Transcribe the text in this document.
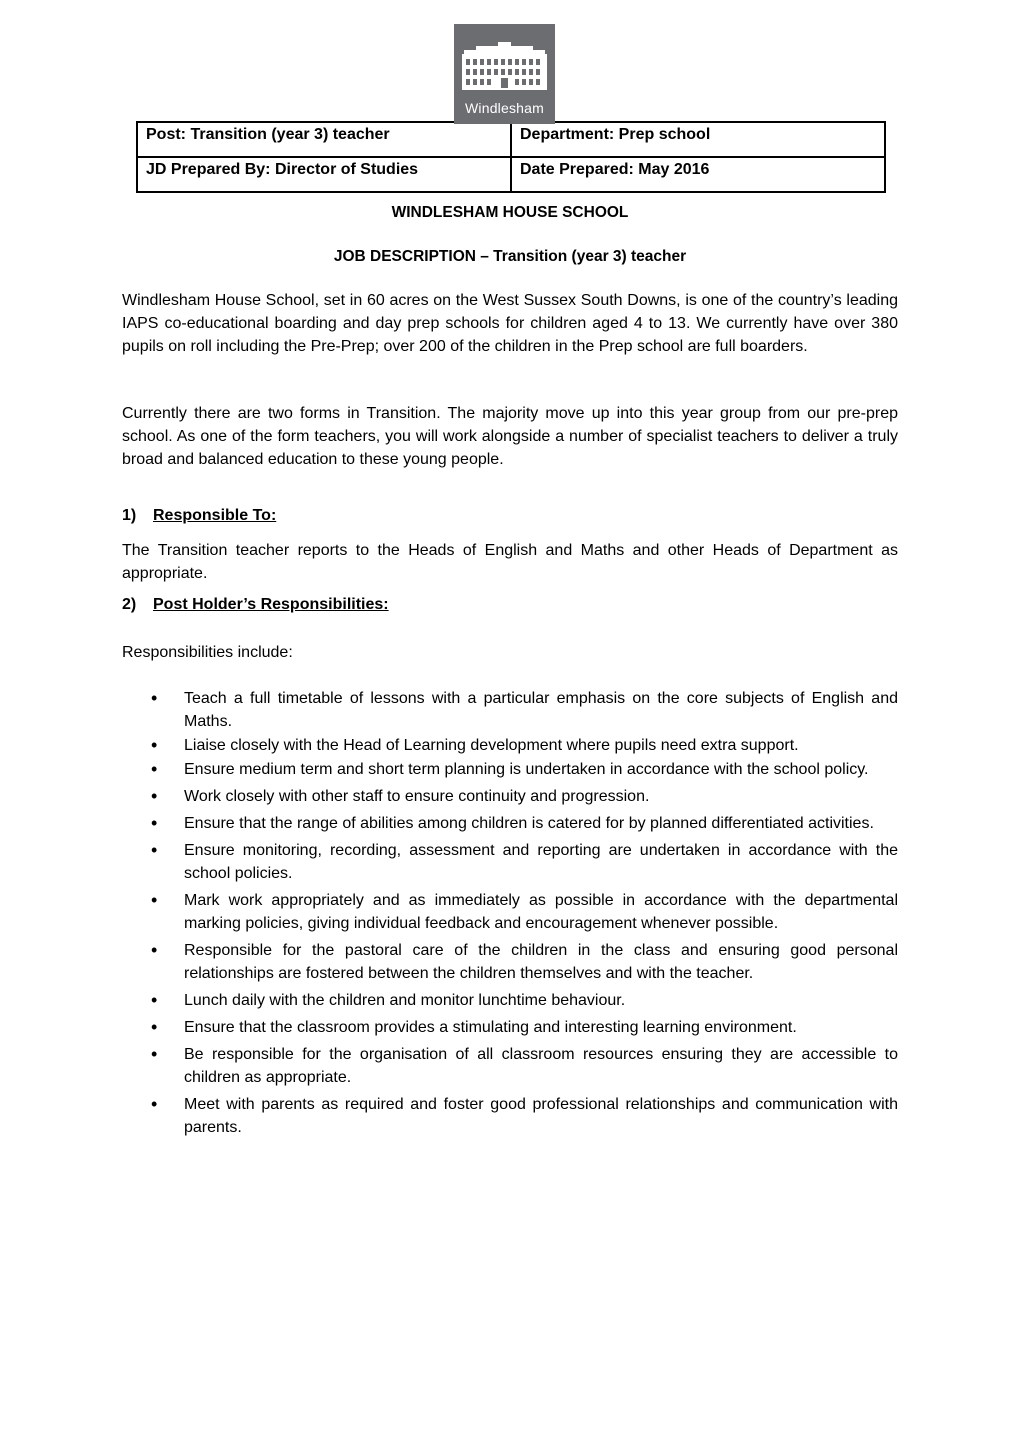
Windlesham
Post: Transition (year 3) teacher	Department: Prep school
JD Prepared By: Director of Studies	Date Prepared: May 2016
WINDLESHAM HOUSE SCHOOL
JOB DESCRIPTION – Transition (year 3) teacher
Windlesham House School, set in 60 acres on the West Sussex South Downs, is one of the country’s leading IAPS co-educational boarding and day prep schools for children aged 4 to 13. We currently have over 380 pupils on roll including the Pre-Prep; over 200 of the children in the Prep school are full boarders.
Currently there are two forms in Transition. The majority move up into this year group from our pre-prep school. As one of the form teachers, you will work alongside a number of specialist teachers to deliver a truly broad and balanced education to these young people.
1) Responsible To:
The Transition teacher reports to the Heads of English and Maths and other Heads of Department as appropriate.
2) Post Holder’s Responsibilities:
Responsibilities include:
• Teach a full timetable of lessons with a particular emphasis on the core subjects of English and Maths.
• Liaise closely with the Head of Learning development where pupils need extra support.
• Ensure medium term and short term planning is undertaken in accordance with the school policy.
• Work closely with other staff to ensure continuity and progression.
• Ensure that the range of abilities among children is catered for by planned differentiated activities.
• Ensure monitoring, recording, assessment and reporting are undertaken in accordance with the school policies.
• Mark work appropriately and as immediately as possible in accordance with the departmental marking policies, giving individual feedback and encouragement whenever possible.
• Responsible for the pastoral care of the children in the class and ensuring good personal relationships are fostered between the children themselves and with the teacher.
• Lunch daily with the children and monitor lunchtime behaviour.
• Ensure that the classroom provides a stimulating and interesting learning environment.
• Be responsible for the organisation of all classroom resources ensuring they are accessible to children as appropriate.
• Meet with parents as required and foster good professional relationships and communication with parents.
